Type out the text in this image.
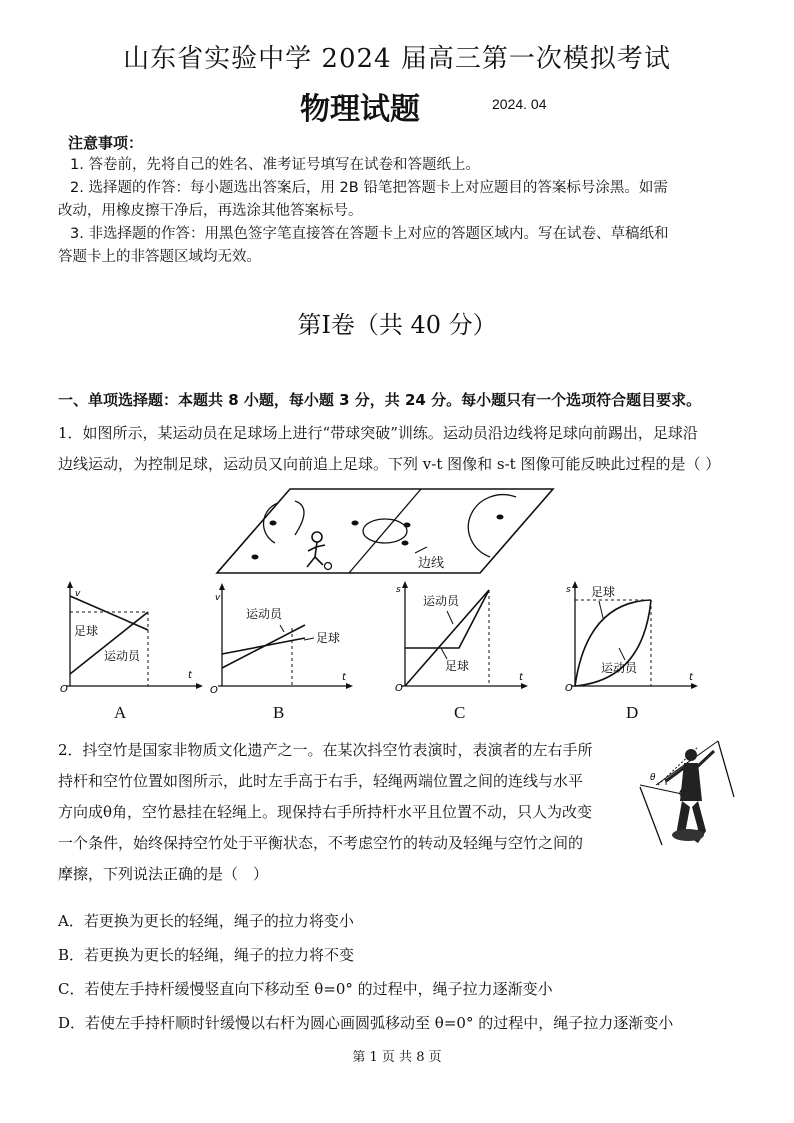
山东省实验中学 2024 届高三第一次模拟考试
物理试题	2024. 04
注意事项：
1. 答卷前，先将自己的姓名、准考证号填写在试卷和答题纸上。
2. 选择题的作答：每小题选出答案后，用 2B 铅笔把答题卡上对应题目的答案标号涂黑。如需
改动，用橡皮擦干净后，再选涂其他答案标号。
3. 非选择题的作答：用黑色签字笔直接答在答题卡上对应的答题区域内。写在试卷、草稿纸和
答题卡上的非答题区域均无效。
第Ⅰ卷（共 40 分）
一、单项选择题：本题共 8 小题，每小题 3 分，共 24 分。每小题只有一个选项符合题目要求。
1．如图所示，某运动员在足球场上进行“带球突破”训练。运动员沿边线将足球向前踢出，足球沿
边线运动，为控制足球，运动员又向前追上足球。下列 v-t 图像和 s-t 图像可能反映此过程的是（ ）
边线
v
t
O
足球
运动员
A
v
t
O
运动员
足球
B
s
t
O
运动员
足球
C
s
t
O
足球
运动员
D
2．抖空竹是国家非物质文化遗产之一。在某次抖空竹表演时，表演者的左右手所
持杆和空竹位置如图所示，此时左手高于右手，轻绳两端位置之间的连线与水平
方向成θ角，空竹悬挂在轻绳上。现保持右手所持杆水平且位置不动，只人为改变
一个条件，始终保持空竹处于平衡状态，不考虑空竹的转动及轻绳与空竹之间的
摩擦，下列说法正确的是（　）
θ
A．若更换为更长的轻绳，绳子的拉力将变小
B．若更换为更长的轻绳，绳子的拉力将不变
C．若使左手持杆缓慢竖直向下移动至 θ=0° 的过程中，绳子拉力逐渐变小
D．若使左手持杆顺时针缓慢以右杆为圆心画圆弧移动至 θ=0° 的过程中，绳子拉力逐渐变小
第 1 页 共 8 页
